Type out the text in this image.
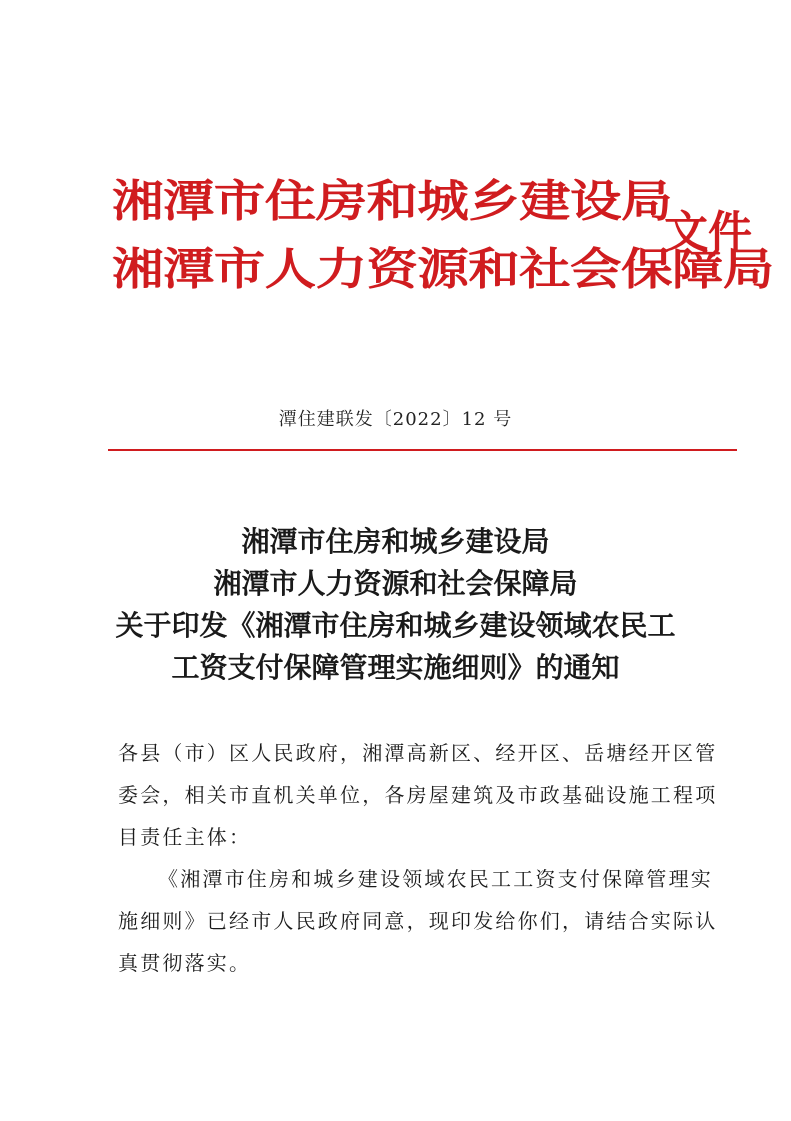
湘潭市住房和城乡建设局
湘潭市人力资源和社会保障局
文件
潭住建联发〔2022〕12 号
湘潭市住房和城乡建设局
湘潭市人力资源和社会保障局
关于印发《湘潭市住房和城乡建设领域农民工
工资支付保障管理实施细则》的通知

各县（市）区人民政府，湘潭高新区、经开区、岳塘经开区管
委会，相关市直机关单位，各房屋建筑及市政基础设施工程项
目责任主体：

《湘潭市住房和城乡建设领域农民工工资支付保障管理实
施细则》已经市人民政府同意，现印发给你们，请结合实际认
真贯彻落实。
